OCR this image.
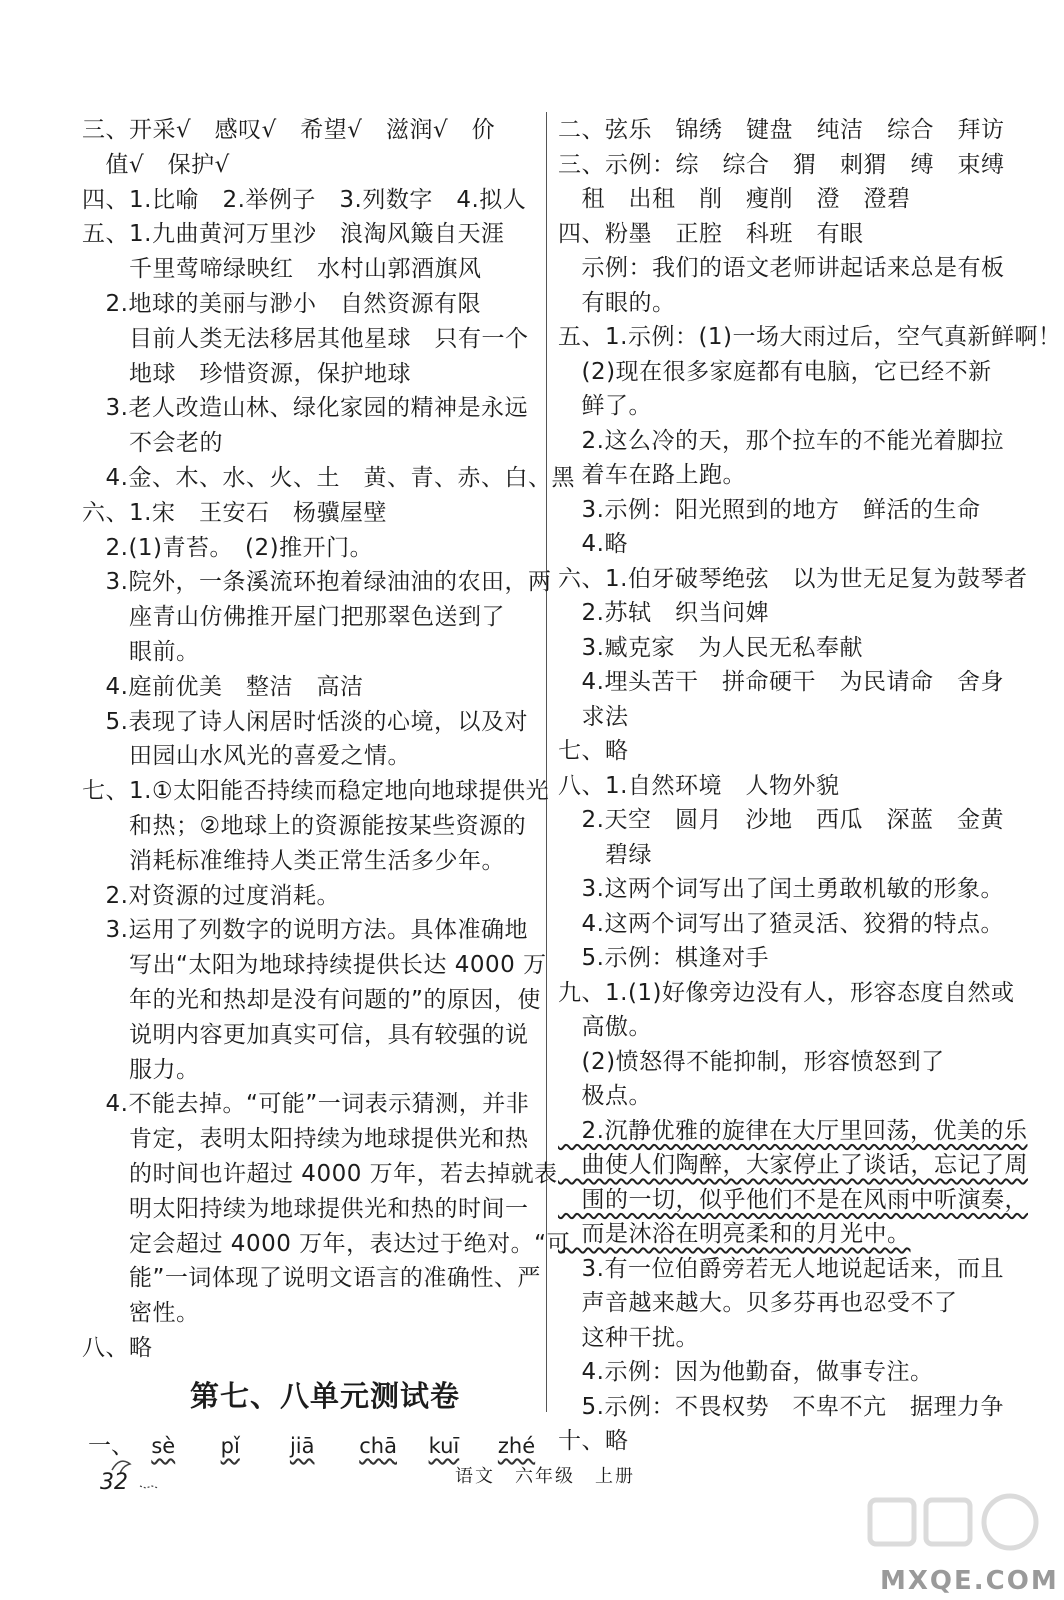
三、开采√　感叹√　希望√　滋润√　价
　值√　保护√
四、1.比喻　2.举例子　3.列数字　4.拟人
五、1.九曲黄河万里沙　浪淘风簸自天涯
　　千里莺啼绿映红　水村山郭酒旗风
　2.地球的美丽与渺小　自然资源有限
　　目前人类无法移居其他星球　只有一个
　　地球　珍惜资源，保护地球
　3.老人改造山林、绿化家园的精神是永远
　　不会老的
　4.金、木、水、火、土　黄、青、赤、白、黑
六、1.宋　王安石　杨骥屋壁
　2.(1)青苔。　(2)推开门。
　3.院外，一条溪流环抱着绿油油的农田，两
　　座青山仿佛推开屋门把那翠色送到了
　　眼前。
　4.庭前优美　整洁　高洁
　5.表现了诗人闲居时恬淡的心境，以及对
　　田园山水风光的喜爱之情。
七、1.①太阳能否持续而稳定地向地球提供光
　　和热；②地球上的资源能按某些资源的
　　消耗标准维持人类正常生活多少年。
　2.对资源的过度消耗。
　3.运用了列数字的说明方法。具体准确地
　　写出“太阳为地球持续提供长达 4000 万
　　年的光和热却是没有问题的”的原因，使
　　说明内容更加真实可信，具有较强的说
　　服力。
　4.不能去掉。“可能”一词表示猜测，并非
　　肯定，表明太阳持续为地球提供光和热
　　的时间也许超过 4000 万年，若去掉就表
　　明太阳持续为地球提供光和热的时间一
　　定会超过 4000 万年，表达过于绝对。“可
　　能”一词体现了说明文语言的准确性、严
　　密性。
八、略
二、弦乐　锦绣　键盘　纯洁　综合　拜访
三、示例：综　综合　猬　刺猬　缚　束缚
　租　出租　削　瘦削　澄　澄碧
四、粉墨　正腔　科班　有眼
　示例：我们的语文老师讲起话来总是有板
　有眼的。
五、1.示例：(1)一场大雨过后，空气真新鲜啊！
　(2)现在很多家庭都有电脑，它已经不新
　鲜了。
　2.这么冷的天，那个拉车的不能光着脚拉
　着车在路上跑。
　3.示例：阳光照到的地方　鲜活的生命
　4.略
六、1.伯牙破琴绝弦　以为世无足复为鼓琴者
　2.苏轼　织当问婢
　3.臧克家　为人民无私奉献
　4.埋头苦干　拼命硬干　为民请命　舍身
　求法
七、略
八、1.自然环境　人物外貌
　2.天空　圆月　沙地　西瓜　深蓝　金黄
　　碧绿
　3.这两个词写出了闰土勇敢机敏的形象。
　4.这两个词写出了猹灵活、狡猾的特点。
　5.示例：棋逢对手
九、1.(1)好像旁边没有人，形容态度自然或
　高傲。
　(2)愤怒得不能抑制，形容愤怒到了
　极点。
　2.沉静优雅的旋律在大厅里回荡，优美的乐
　曲使人们陶醉，大家停止了谈话，忘记了周
　围的一切，似乎他们不是在风雨中听演奏，
　而是沐浴在明亮柔和的月光中。
　3.有一位伯爵旁若无人地说起话来，而且
　声音越来越大。贝多芬再也忍受不了
　这种干扰。
　4.示例：因为他勤奋，做事专注。
　5.示例：不畏权势　不卑不亢　据理力争
十、略
第七、八单元测试卷
一、 sè pǐ jiā chā kuī zhé
32	语文　六年级　上册
MXQE.COM
